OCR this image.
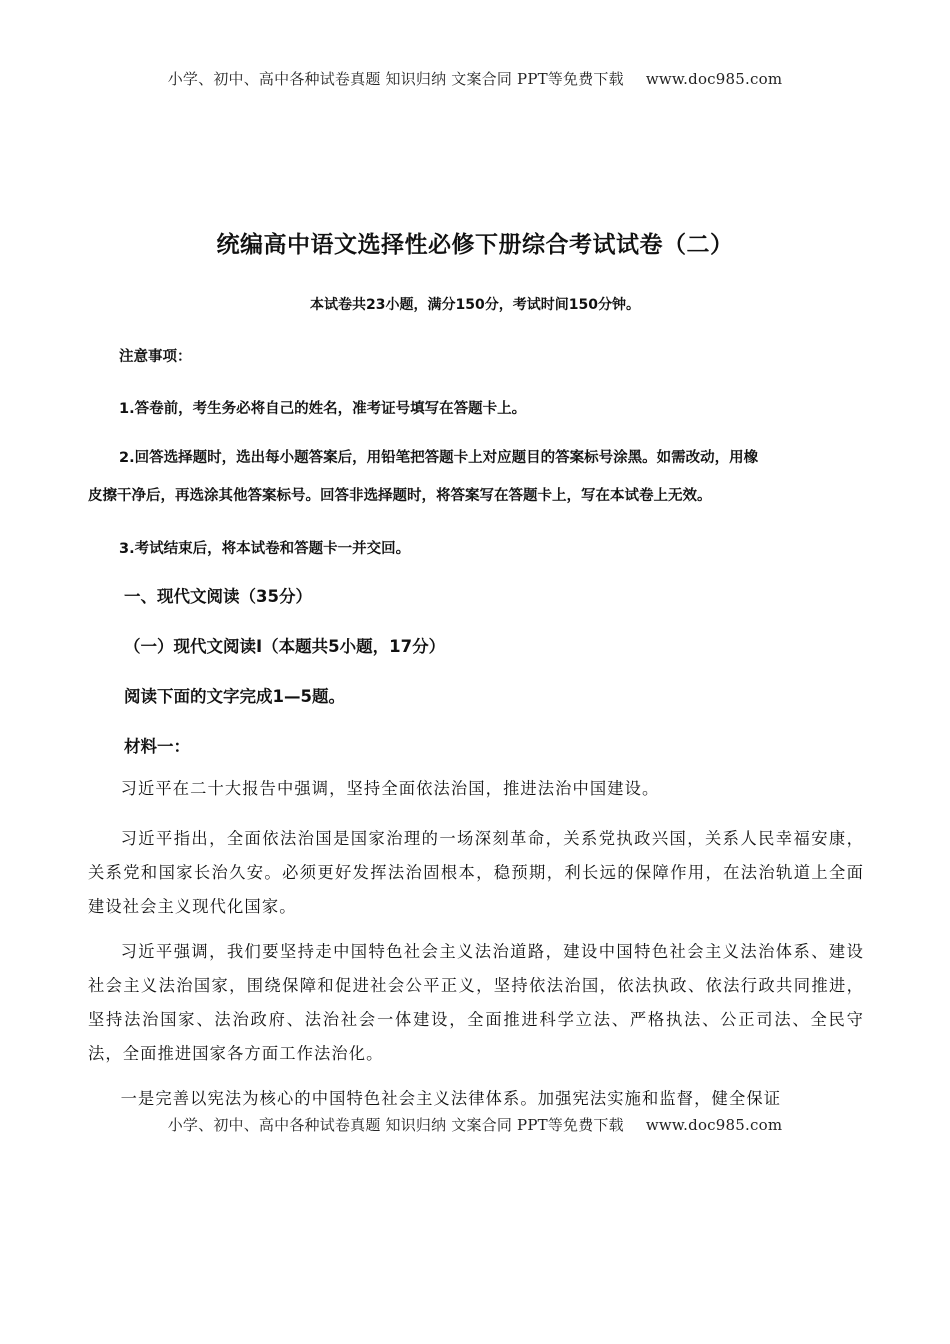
小学、初中、高中各种试卷真题 知识归纳 文案合同 PPT等免费下载 www.doc985.com
统编高中语文选择性必修下册综合考试试卷（二）
本试卷共23小题，满分150分，考试时间150分钟。
注意事项：
1.答卷前，考生务必将自己的姓名，准考证号填写在答题卡上。
2.回答选择题时，选出每小题答案后，用铅笔把答题卡上对应题目的答案标号涂黑。如需改动，用橡
皮擦干净后，再选涂其他答案标号。回答非选择题时，将答案写在答题卡上，写在本试卷上无效。
3.考试结束后，将本试卷和答题卡一并交回。
一、现代文阅读（35分）
（一）现代文阅读Ⅰ（本题共5小题，17分）
阅读下面的文字完成1—5题。
材料一：
习近平在二十大报告中强调，坚持全面依法治国，推进法治中国建设。
习近平指出，全面依法治国是国家治理的一场深刻革命，关系党执政兴国，关系人民幸福安康，关系党和国家长治久安。必须更好发挥法治固根本，稳预期，利长远的保障作用，在法治轨道上全面建设社会主义现代化国家。
习近平强调，我们要坚持走中国特色社会主义法治道路，建设中国特色社会主义法治体系、建设社会主义法治国家，围绕保障和促进社会公平正义，坚持依法治国，依法执政、依法行政共同推进，坚持法治国家、法治政府、法治社会一体建设，全面推进科学立法、严格执法、公正司法、全民守法，全面推进国家各方面工作法治化。
一是完善以宪法为核心的中国特色社会主义法律体系。加强宪法实施和监督，健全保证
小学、初中、高中各种试卷真题 知识归纳 文案合同 PPT等免费下载 www.doc985.com
